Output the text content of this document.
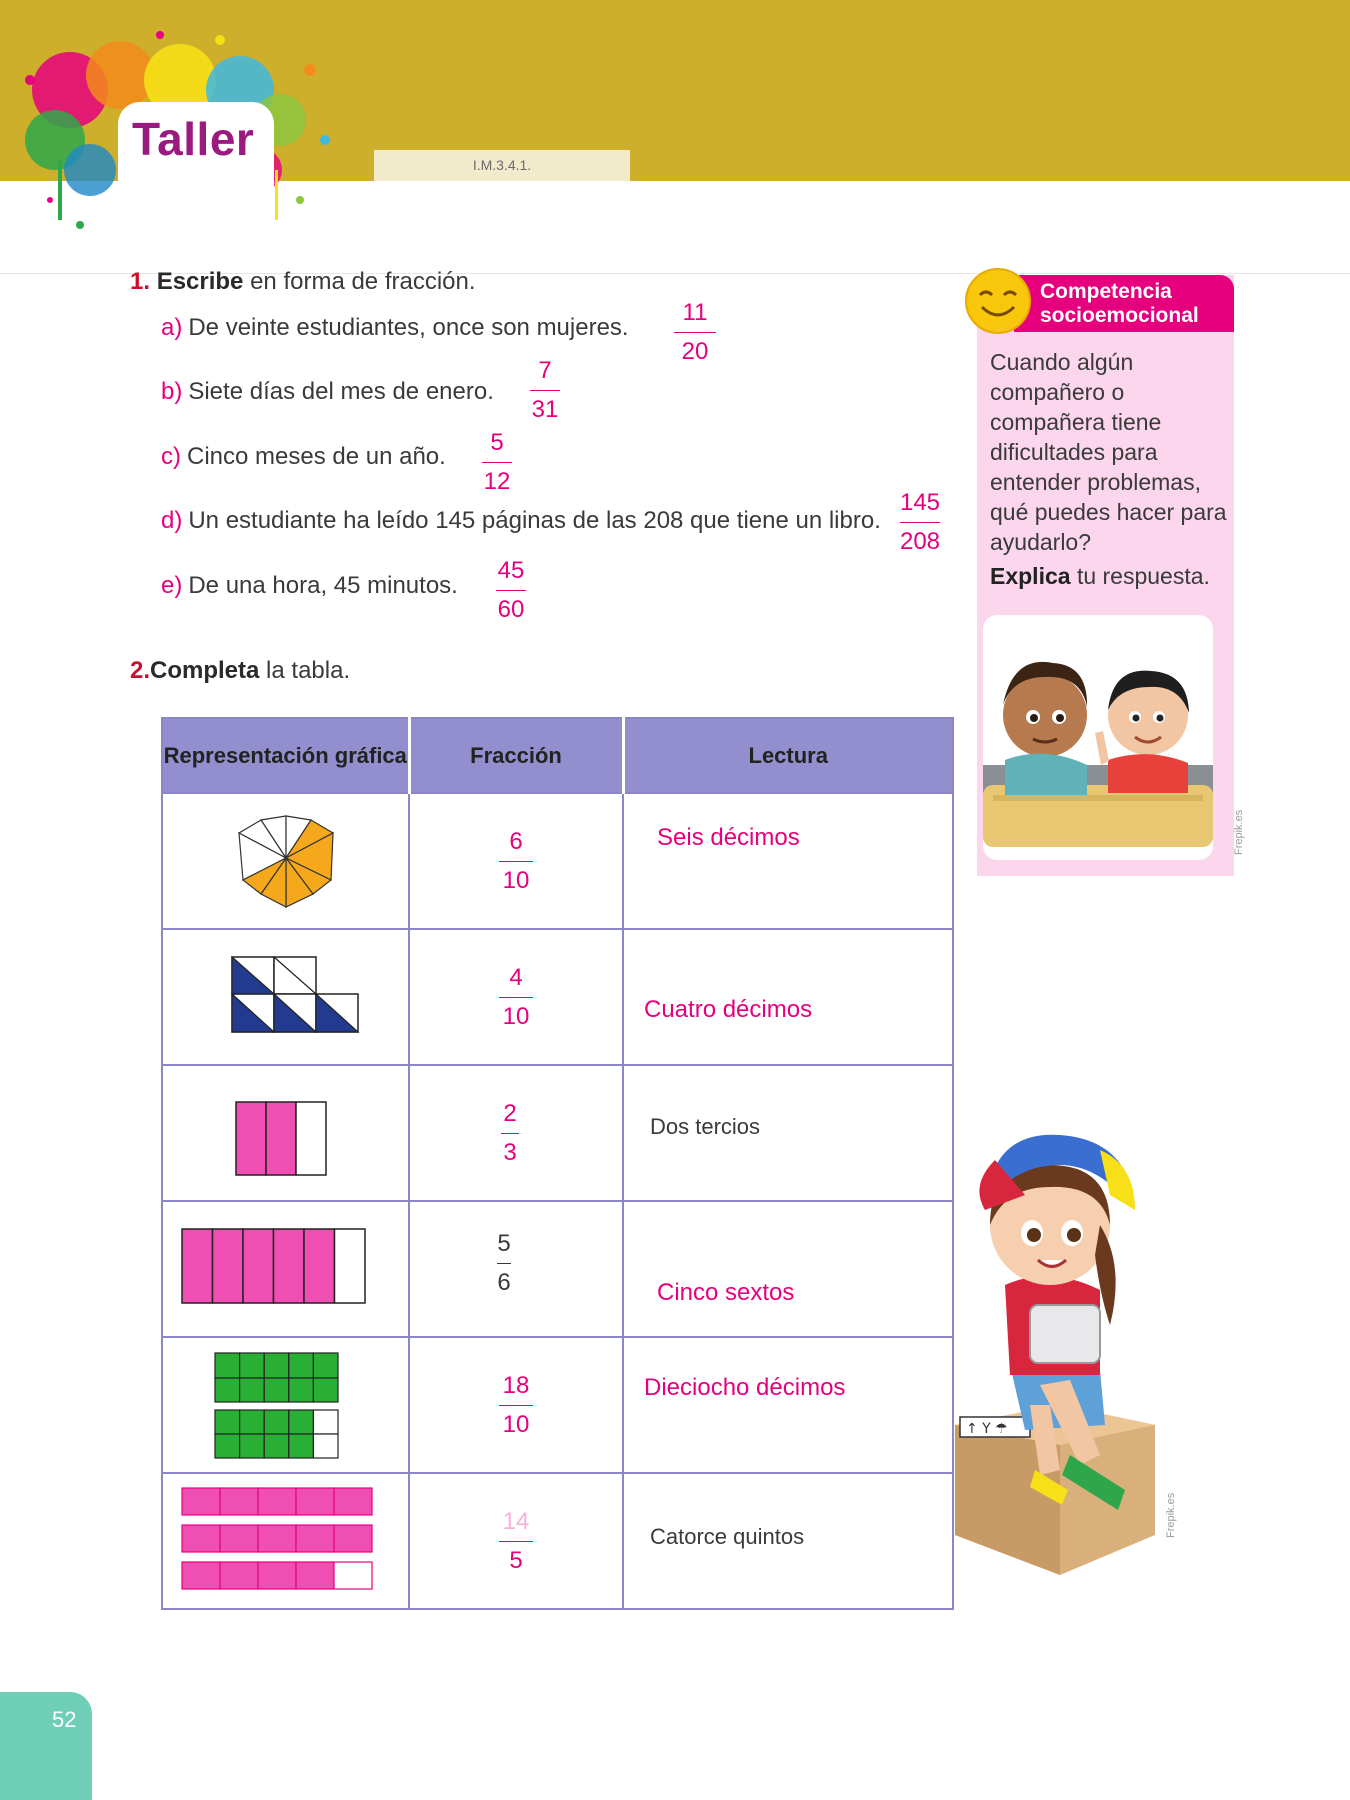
Taller	I.M.3.4.1.
1. Escribe en forma de fracción.
a) De veinte estudiantes, once son mujeres.
11
20
b) Siete días del mes de enero.
7
31
c) Cinco meses de un año.
5
12
d) Un estudiante ha leído 145 páginas de las 208 que tiene un libro.
145
208
e) De una hora, 45 minutos.
45
60
2.Completa la tabla.
Representación gráfica	Fracción	Lectura

6
10	Seis décimos

4
10	Cuatro décimos

2
3	Dos tercios

5
6	Cinco sextos

18
10	Dieciocho décimos

14
5	Catorce quintos
Competencia
socioemocional
Cuando algún compañero o compañera tiene dificultades para entender problemas, qué puedes hacer para ayudarlo?
Explica tu respuesta.
Frepik.es
↑ Y ☂
Frepik.es
52
